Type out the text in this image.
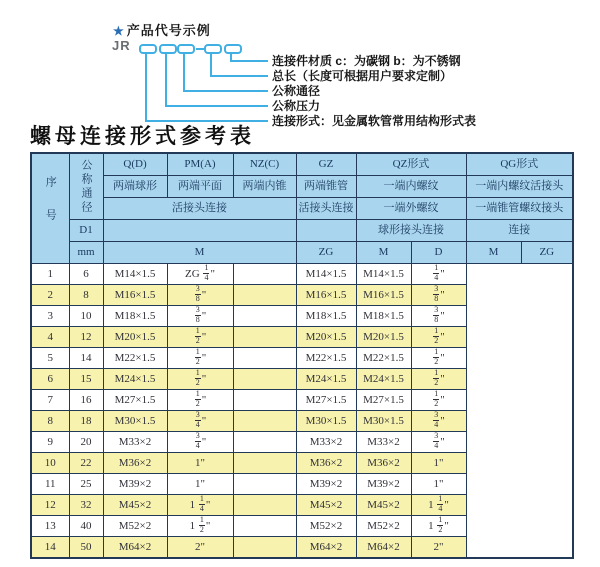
★ 产品代号示例
JR
连接件材质 c：为碳钢 b：为不锈钢
总长（长度可根据用户要求定制）
公称通径
公称压力
连接形式：见金属软管常用结构形式表
螺母连接形式参考表
序号	公称通径	Q(D)	PM(A)	NZ(C)	GZ	QZ形式		QG形式	
		两端球形	两端平面	两端内锥	两端锥管	一端内螺纹		一端内螺纹活接头	
		活接头连接			活接头连接	一端外螺纹		一端锥管螺纹接头	
	D1					球形接头连接		连接	
	mm	M			ZG	M	D	M	ZG
1	6	M14×1.5	ZG $\frac{1}{4}$ "		M14×1.5	M14×1.5	$\frac{1}{4}$ "		
2	8	M16×1.5	$\frac{3}{8}$ "		M16×1.5	M16×1.5	$\frac{3}{8}$ "		
3	10	M18×1.5	$\frac{3}{8}$ "		M18×1.5	M18×1.5	$\frac{3}{8}$ "		
4	12	M20×1.5	$\frac{1}{2}$ "		M20×1.5	M20×1.5	$\frac{1}{2}$ "		
5	14	M22×1.5	$\frac{1}{2}$ "		M22×1.5	M22×1.5	$\frac{1}{2}$ "		
6	15	M24×1.5	$\frac{1}{2}$ "		M24×1.5	M24×1.5	$\frac{1}{2}$ "		
7	16	M27×1.5	$\frac{1}{2}$ "		M27×1.5	M27×1.5	$\frac{1}{2}$ "		
8	18	M30×1.5	$\frac{3}{4}$ "		M30×1.5	M30×1.5	$\frac{3}{4}$ "		
9	20	M33×2	$\frac{3}{4}$ "		M33×2	M33×2	$\frac{3}{4}$ "		
10	22	M36×2	1"		M36×2	M36×2	1"		
11	25	M39×2	1"		M39×2	M39×2	1"		
12	32	M45×2	$1 \frac{1}{4}$ "		M45×2	M45×2	$1 \frac{1}{4}$ "		
13	40	M52×2	$1 \frac{1}{2}$ "		M52×2	M52×2	$1 \frac{1}{2}$ "		
14	50	M64×2	2"		M64×2	M64×2	2"		
